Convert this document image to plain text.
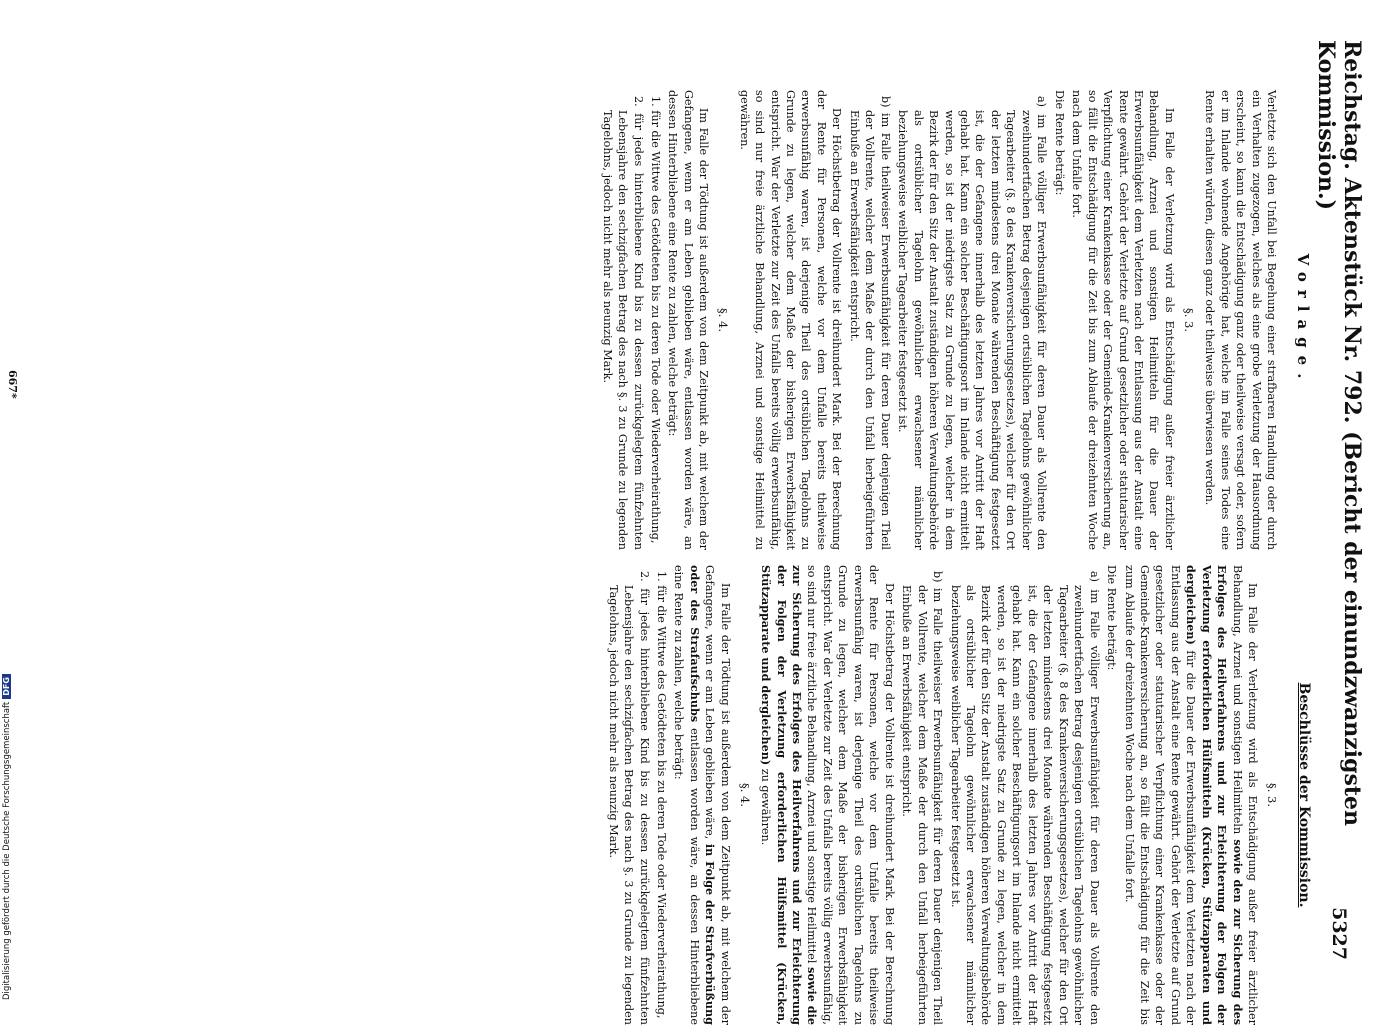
Reichstag. Aktenstück Nr. 792. (Bericht der einundzwanzigsten Kommission.)
5327
Vorlage.

Verletzte sich den Unfall bei Begehung einer strafbaren Handlung oder durch ein Verhalten zugezogen, welches als eine grobe Verletzung der Hausordnung erscheint, so kann die Entschädigung ganz oder theilweise versagt oder, sofern er im Inlande wohnende Angehörige hat, welche im Falle seines Todes eine Rente erhalten würden, diesen ganz oder theilweise überwiesen werden.

§. 3.

Im Falle der Verletzung wird als Entschädigung außer freier ärztlicher Behandlung, Arznei und sonstigen Heilmitteln für die Dauer der Erwerbsunfähigkeit dem Verletzten nach der Entlassung aus der Anstalt eine Rente gewährt. Gehört der Verletzte auf Grund gesetzlicher oder statutarischer Verpflichtung einer Krankenkasse oder der Gemeinde-Krankenversicherung an, so fällt die Entschädigung für die Zeit bis zum Ablaufe der dreizehnten Woche nach dem Unfalle fort.

Die Rente beträgt:

a) im Falle völliger Erwerbsunfähigkeit für deren Dauer als Vollrente den zweihundertfachen Betrag desjenigen ortsüblichen Tagelohns gewöhnlicher Tagearbeiter (§. 8 des Krankenversicherungsgesetzes), welcher für den Ort der letzten mindestens drei Monate währenden Beschäftigung festgesetzt ist, die der Gefangene innerhalb des letzten Jahres vor Antritt der Haft gehabt hat. Kann ein solcher Beschäftigungsort im Inlande nicht ermittelt werden, so ist der niedrigste Satz zu Grunde zu legen, welcher in dem Bezirk der für den Sitz der Anstalt zuständigen höheren Verwaltungsbehörde als ortsüblicher Tagelohn gewöhnlicher erwachsener männlicher beziehungsweise weiblicher Tagearbeiter festgesetzt ist.

b) im Falle theilweiser Erwerbsunfähigkeit für deren Dauer denjenigen Theil der Vollrente, welcher dem Maße der durch den Unfall herbeigeführten Einbuße an Erwerbsfähigkeit entspricht.

Der Höchstbetrag der Vollrente ist dreihundert Mark. Bei der Berechnung der Rente für Personen, welche vor dem Unfalle bereits theilweise erwerbsunfähig waren, ist derjenige Theil des ortsüblichen Tagelohns zu Grunde zu legen, welcher dem Maße der bisherigen Erwerbsfähigkeit entspricht. War der Verletzte zur Zeit des Unfalls bereits völlig erwerbsunfähig, so sind nur freie ärztliche Behandlung, Arznei und sonstige Heilmittel zu gewähren.

§. 4.

Im Falle der Tödtung ist außerdem von dem Zeitpunkt ab, mit welchem der Gefangene, wenn er am Leben geblieben wäre, entlassen worden wäre, an dessen Hinterbliebene eine Rente zu zahlen, welche beträgt:

1. für die Wittwe des Getödteten bis zu deren Tode oder Wiederverheirathung,

2. für jedes hinterbliebene Kind bis zu dessen zurückgelegtem fünfzehnten Lebensjahre den sechzigfachen Betrag des nach §. 3 zu Grunde zu legenden Tagelohns, jedoch nicht mehr als neunzig Mark.

Beschlüsse der Kommission.
§. 3.

Im Falle der Verletzung wird als Entschädigung außer freier ärztlicher Behandlung, Arznei und sonstigen Heilmitteln sowie den zur Sicherung des Erfolges des Heilverfahrens und zur Erleichterung der Folgen der Verletzung erforderlichen Hülfsmitteln (Krücken, Stützapparaten und dergleichen) für die Dauer der Erwerbsunfähigkeit dem Verletzten nach der Entlassung aus der Anstalt eine Rente gewährt. Gehört der Verletzte auf Grund gesetzlicher oder statutarischer Verpflichtung einer Krankenkasse oder der Gemeinde-Krankenversicherung an, so fällt die Entschädigung für die Zeit bis zum Ablaufe der dreizehnten Woche nach dem Unfalle fort.

Die Rente beträgt:

a) im Falle völliger Erwerbsunfähigkeit für deren Dauer als Vollrente den zweihundertfachen Betrag desjenigen ortsüblichen Tagelohns gewöhnlicher Tagearbeiter (§. 8 des Krankenversicherungsgesetzes), welcher für den Ort der letzten mindestens drei Monate währenden Beschäftigung festgesetzt ist, die der Gefangene innerhalb des letzten Jahres vor Antritt der Haft gehabt hat. Kann ein solcher Beschäftigungsort im Inlande nicht ermittelt werden, so ist der niedrigste Satz zu Grunde zu legen, welcher in dem Bezirk der für den Sitz der Anstalt zuständigen höheren Verwaltungsbehörde als ortsüblicher Tagelohn gewöhnlicher erwachsener männlicher beziehungsweise weiblicher Tagearbeiter festgesetzt ist.

b) im Falle theilweiser Erwerbsunfähigkeit für deren Dauer denjenigen Theil der Vollrente, welcher dem Maße der durch den Unfall herbeigeführten Einbuße an Erwerbsfähigkeit entspricht.

Der Höchstbetrag der Vollrente ist dreihundert Mark. Bei der Berechnung der Rente für Personen, welche vor dem Unfalle bereits theilweise erwerbsunfähig waren, ist derjenige Theil des ortsüblichen Tagelohns zu Grunde zu legen, welcher dem Maße der bisherigen Erwerbsfähigkeit entspricht. War der Verletzte zur Zeit des Unfalls bereits völlig erwerbsunfähig, so sind nur freie ärztliche Behandlung, Arznei und sonstige Heilmittel sowie die zur Sicherung des Erfolges des Heilverfahrens und zur Erleichterung der Folgen der Verletzung erforderlichen Hülfsmittel (Krücken, Stützapparate und dergleichen) zu gewähren.

§. 4.

Im Falle der Tödtung ist außerdem von dem Zeitpunkt ab, mit welchem der Gefangene, wenn er am Leben geblieben wäre, in Folge der Strafverbüßung oder des Strafaufschubs entlassen worden wäre, an dessen Hinterbliebene eine Rente zu zahlen, welche beträgt:

1. für die Wittwe des Getödteten bis zu deren Tode oder Wiederverheirathung,

2. für jedes hinterbliebene Kind bis zu dessen zurückgelegtem fünfzehnten Lebensjahre den sechzigfachen Betrag des nach §. 3 zu Grunde zu legenden Tagelohns, jedoch nicht mehr als neunzig Mark.

667*
Digitalisierung gefördert durch die Deutsche ForschungsgemeinschaftDFG
